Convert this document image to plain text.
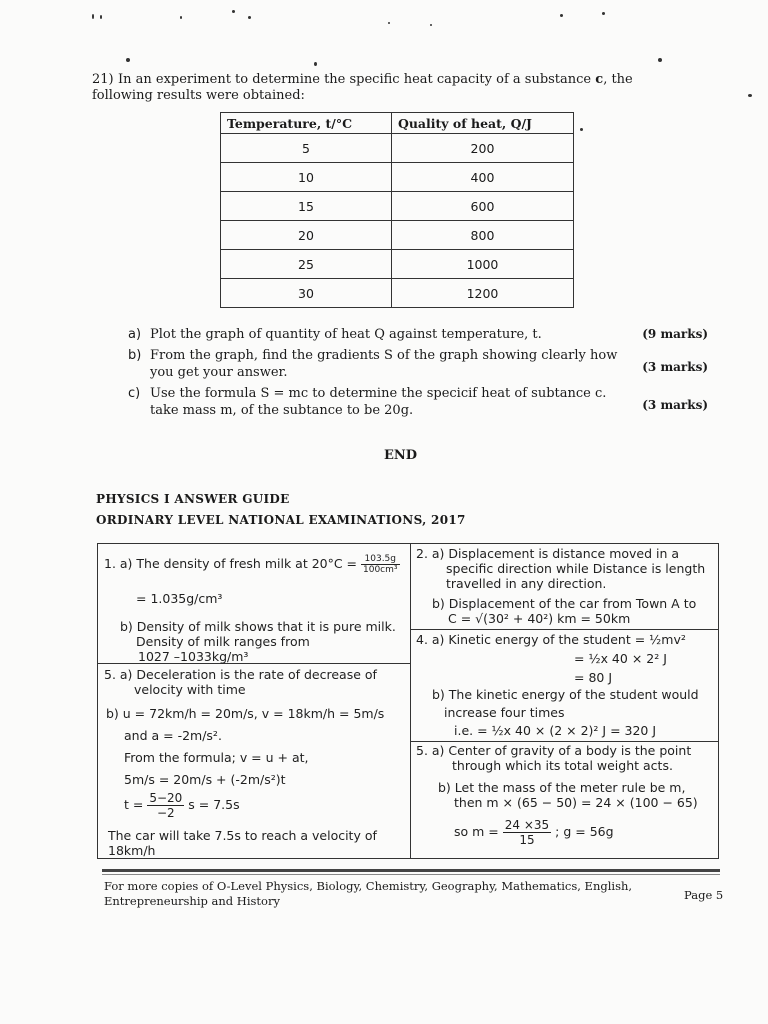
21) In an experiment to determine the specific heat capacity of a substance c, the following results were obtained:
Temperature, t/°C	Quality of heat, Q/J
5	200
10	400
15	600
20	800
25	1000
30	1200
a) Plot the graph of quantity of heat Q against temperature, t.	(9 marks)
b) From the graph, find the gradients S of the graph showing clearly how you get your answer.	(3 marks)
c) Use the formula S = mc to determine the specicif heat of subtance c. take mass m, of the subtance to be 20g.	(3 marks)
END
PHYSICS I ANSWER GUIDE
ORDINARY LEVEL NATIONAL EXAMINATIONS, 2017
1. a) The density of fresh milk at $20^\circ C = \frac{103.5g}{\text{100cm³}}$
= 1.035g/cm³
b) Density of milk shows that it is pure milk.
Density of milk ranges from
1027 –1033kg/m³
5. a) Deceleration is the rate of decrease of
velocity with time
b) u = 72km/h = 20m/s, v = 18km/h = 5m/s
and a = -2m/s².
From the formula; v = u + at,
5m/s = 20m/s + (-2m/s²)t
$t = \frac{5-20}{-2}$ s = 7.5s
The car will take 7.5s to reach a velocity of
18km/h
2. a) Displacement is distance moved in a
specific direction while Distance is length
travelled in any direction.
b) Displacement of the car from Town A to
C = √(30² + 40²) km = 50km
4. a) Kinetic energy of the student = ½mv²
= ½x 40 × 2² J
= 80 J
b) The kinetic energy of the student would
increase four times
i.e. = ½x 40 × (2 × 2)² J = 320 J
5. a) Center of gravity of a body is the point
through which its total weight acts.
b) Let the mass of the meter rule be m,
then m × (65 − 50) = 24 × (100 − 65)
so $m = \frac{24 \times 35}{15}$ ; g = 56g
For more copies of O-Level Physics, Biology, Chemistry, Geography, Mathematics, English, Entrepreneurship and History	Page 5
